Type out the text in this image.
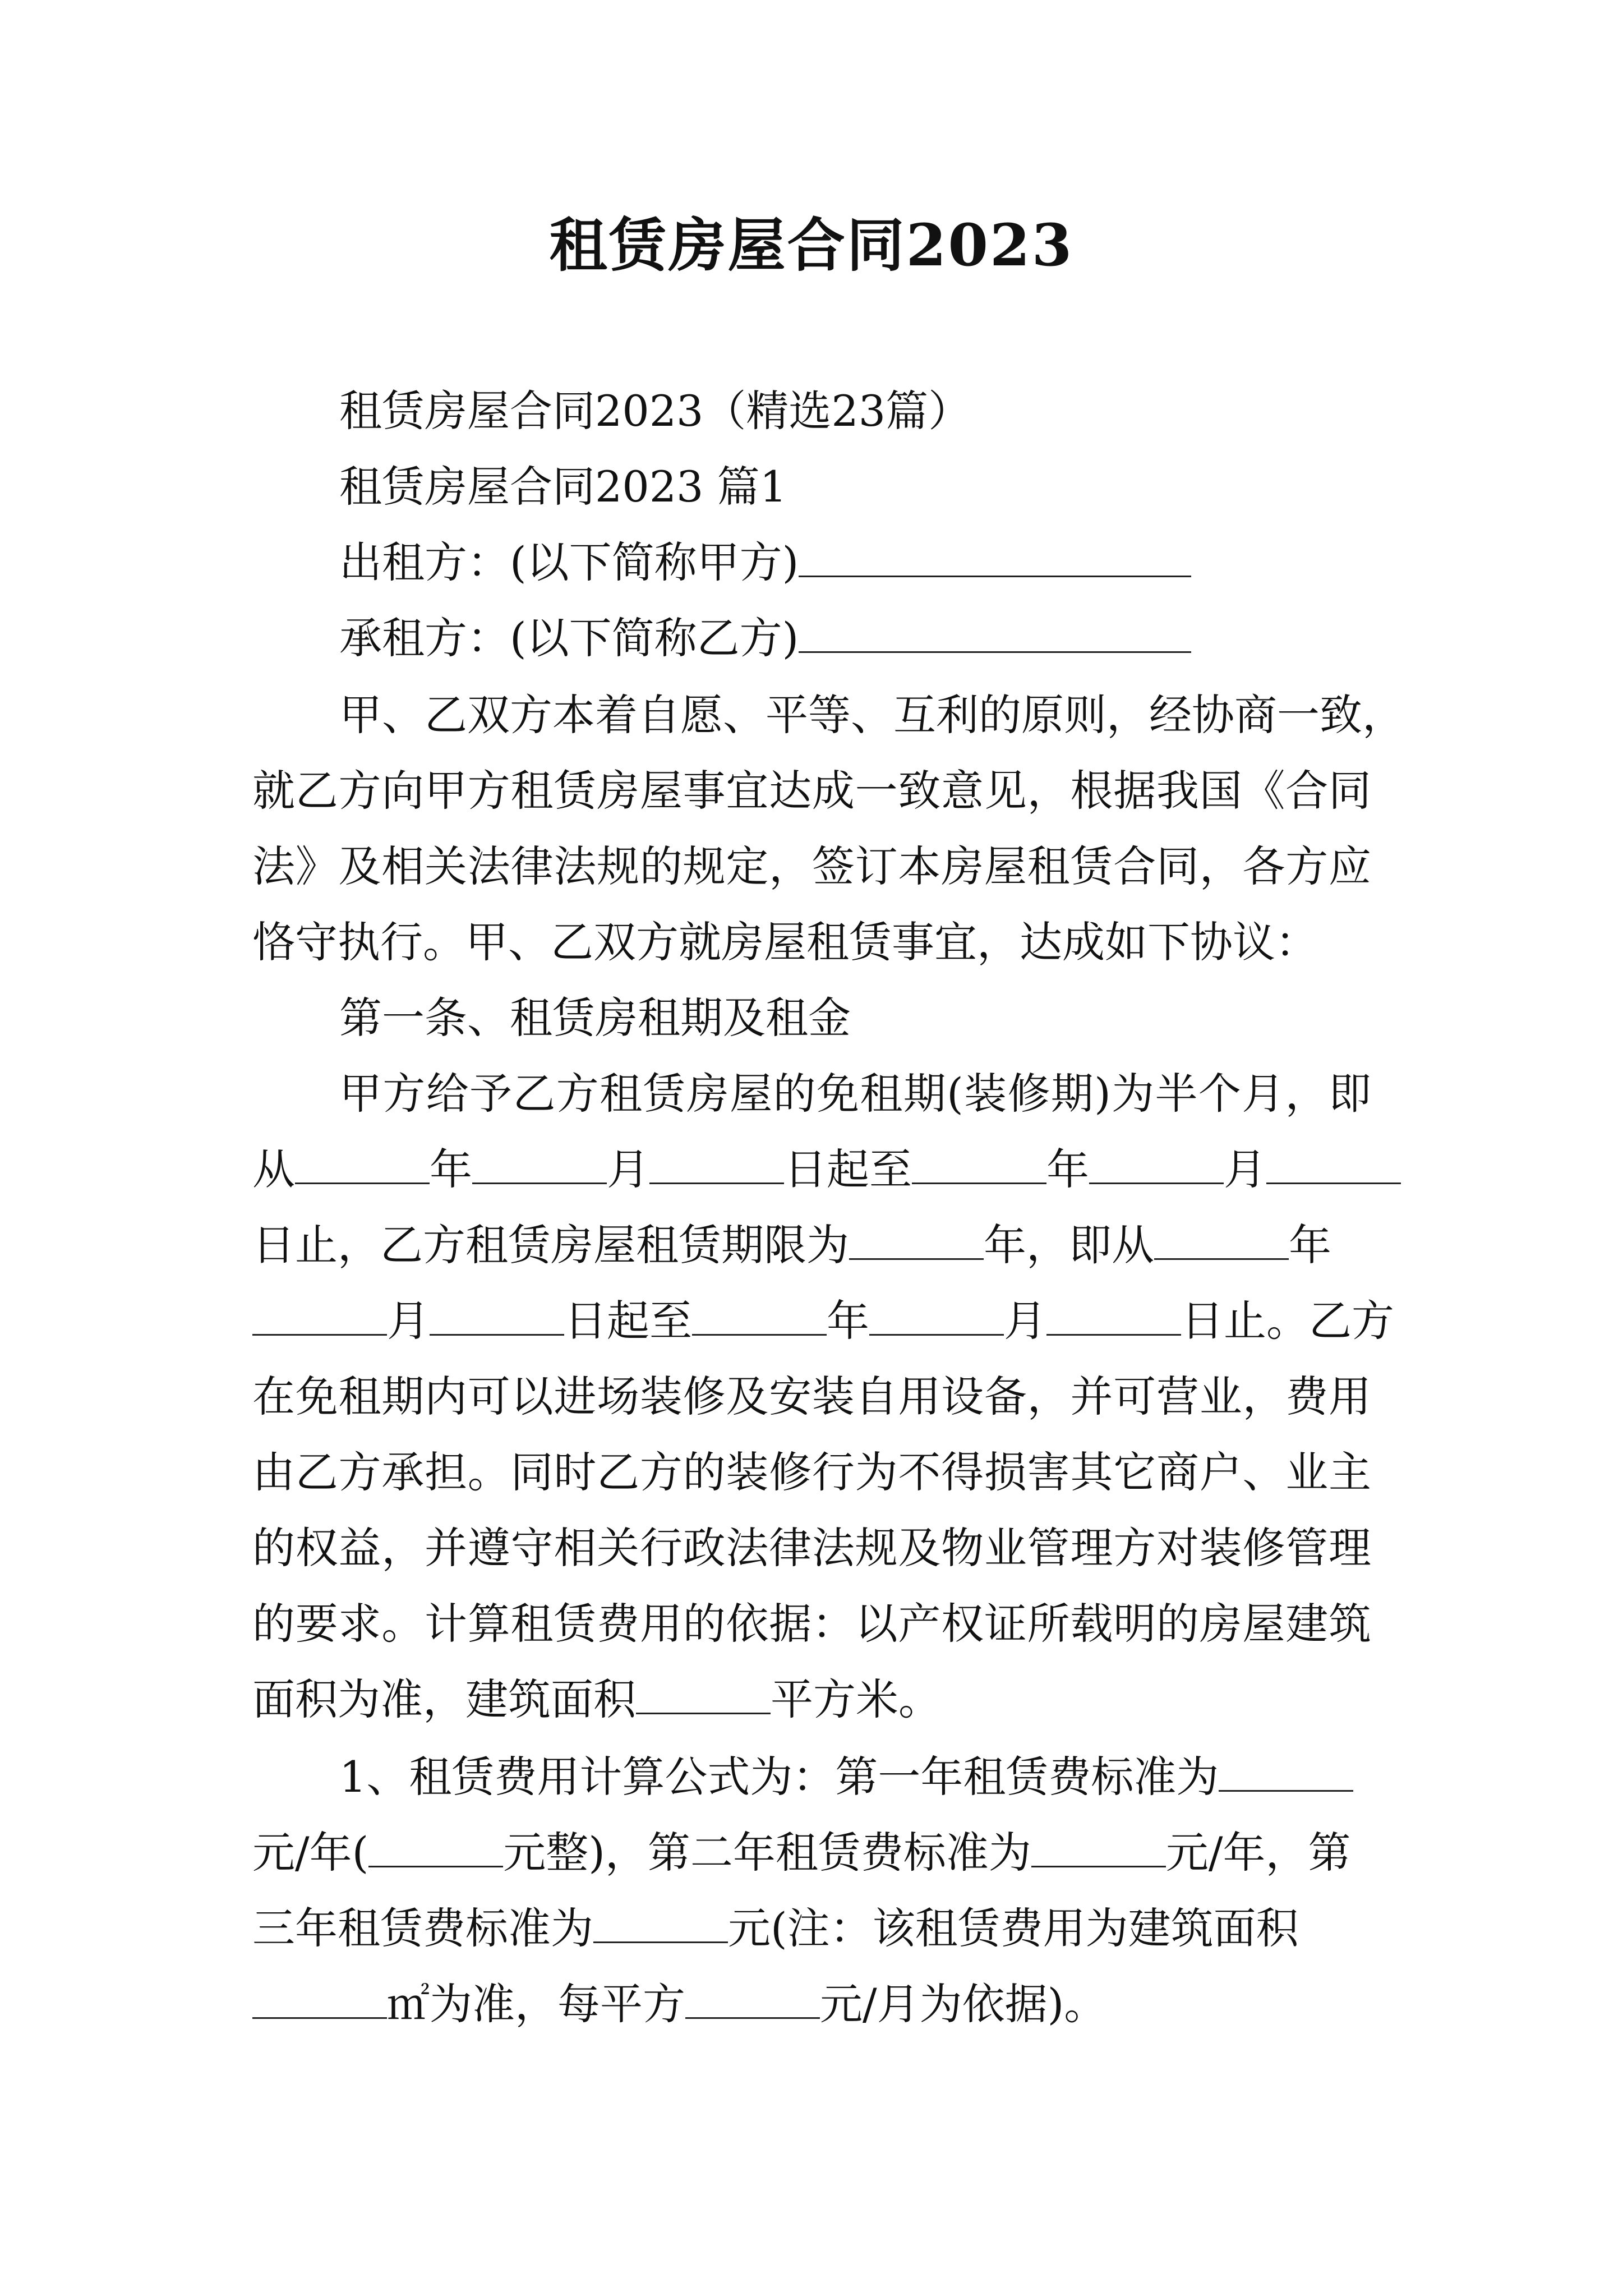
租赁房屋合同2023
租赁房屋合同2023（精选23篇）
租赁房屋合同2023 篇1
出租方：(以下简称甲方)
承租方：(以下简称乙方)
甲、乙双方本着自愿、平等、互利的原则，经协商一致，
就乙方向甲方租赁房屋事宜达成一致意见，根据我国《合同
法》及相关法律法规的规定，签订本房屋租赁合同，各方应
恪守执行。甲、乙双方就房屋租赁事宜，达成如下协议：
第一条、租赁房租期及租金
甲方给予乙方租赁房屋的免租期(装修期)为半个月，即
从	年	月	日起至	年	月
日止，乙方租赁房屋租赁期限为	年，即从	年
月	日起至	年	月	日止。乙方
在免租期内可以进场装修及安装自用设备，并可营业，费用
由乙方承担。同时乙方的装修行为不得损害其它商户、业主
的权益，并遵守相关行政法律法规及物业管理方对装修管理
的要求。计算租赁费用的依据：以产权证所载明的房屋建筑
面积为准，建筑面积	平方米。
1、租赁费用计算公式为：第一年租赁费标准为
元/年(	元整)，第二年租赁费标准为	元/年，第
三年租赁费标准为	元(注：该租赁费用为建筑面积
㎡为准，每平方	元/月为依据)。
